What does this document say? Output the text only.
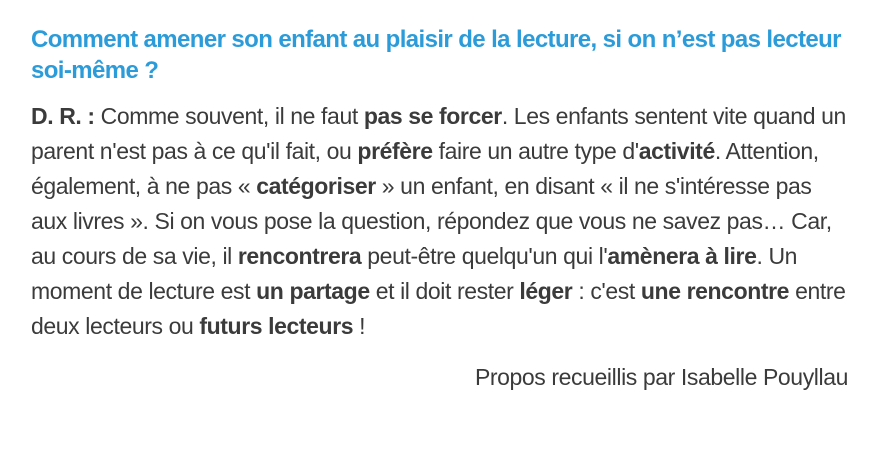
Comment amener son enfant au plaisir de la lecture, si on n’est pas lecteur soi-même ?

D. R. : Comme souvent, il ne faut pas se forcer. Les enfants sentent vite quand un parent n'est pas à ce qu'il fait, ou préfère faire un autre type d'activité. Attention, également, à ne pas « catégoriser » un enfant, en disant « il ne s'intéresse pas aux livres ». Si on vous pose la question, répondez que vous ne savez pas… Car, au cours de sa vie, il rencontrera peut-être quelqu'un qui l'amènera à lire. Un moment de lecture est un partage et il doit rester léger : c'est une rencontre entre deux lecteurs ou futurs lecteurs !

Propos recueillis par Isabelle Pouyllau
